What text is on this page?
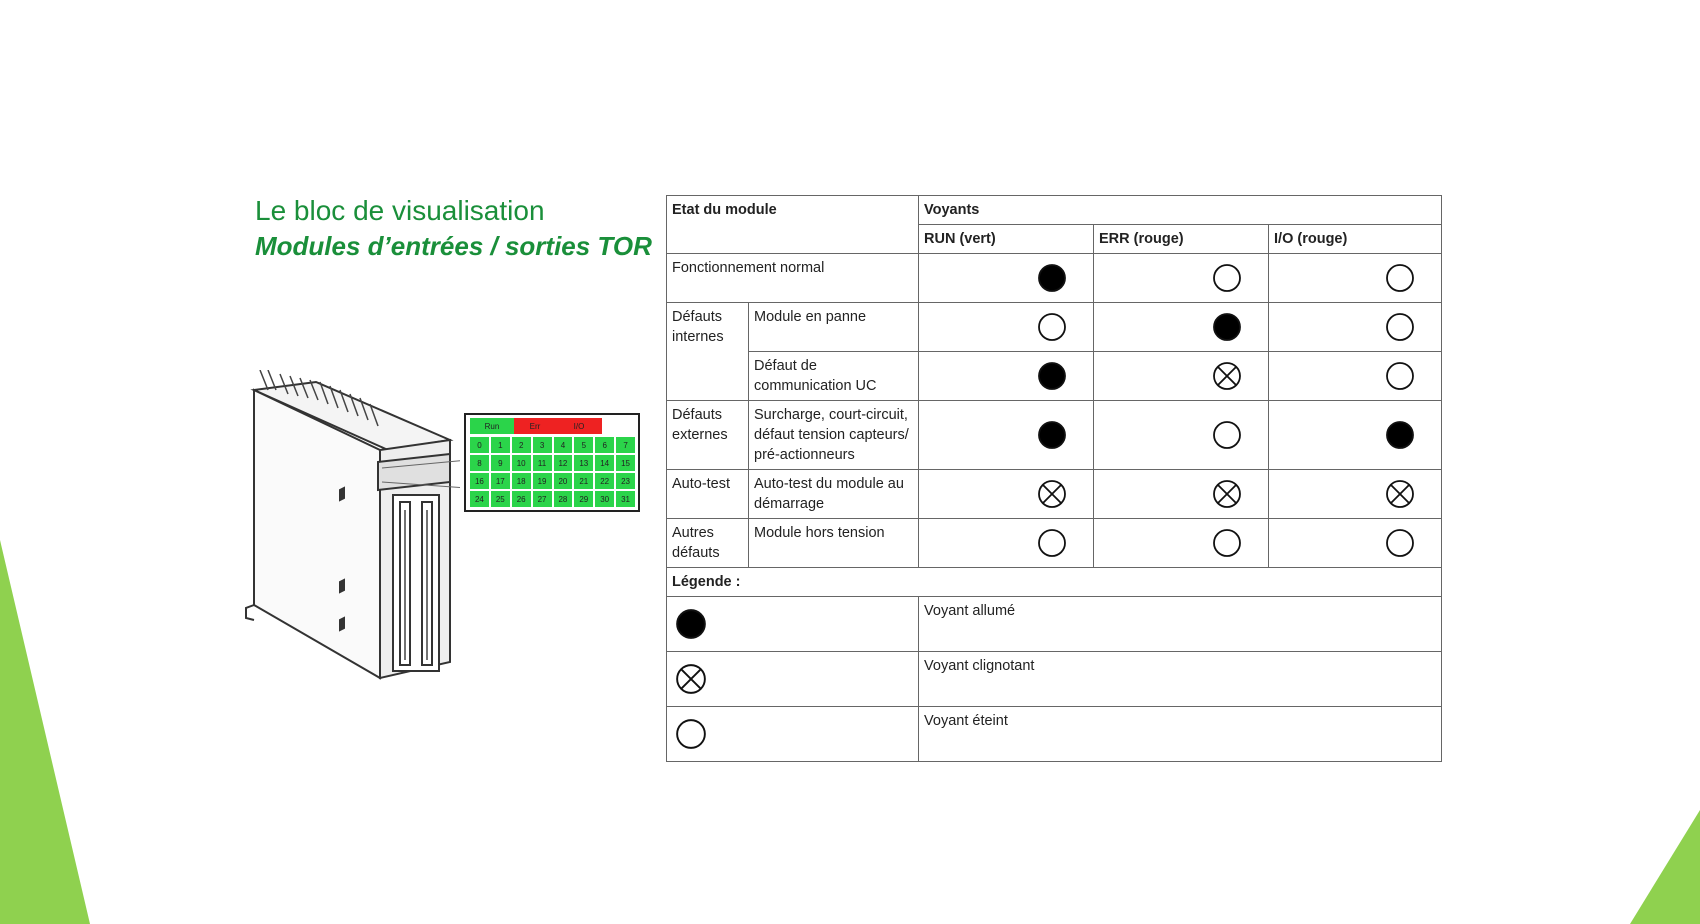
Le bloc de visualisation
Modules d’entrées / sorties TOR
Run	Err	I/O
0	1	2	3	4	5	6	7
8	9	10	11	12	13	14	15
16	17	18	19	20	21	22	23
24	25	26	27	28	29	30	31
Etat du module		Voyants		
		RUN (vert)	ERR (rouge)	I/O (rouge)
Fonctionnement normal			
Défauts internes	Module en panne			
	Défaut de communication UC			
Défauts externes	Surcharge, court-circuit, défaut tension capteurs/ pré-actionneurs			
Auto-test	Auto-test du module au démarrage			
Autres défauts	Module hors tension			
Légende :				
	Voyant allumé		
	Voyant clignotant		
	Voyant éteint		
